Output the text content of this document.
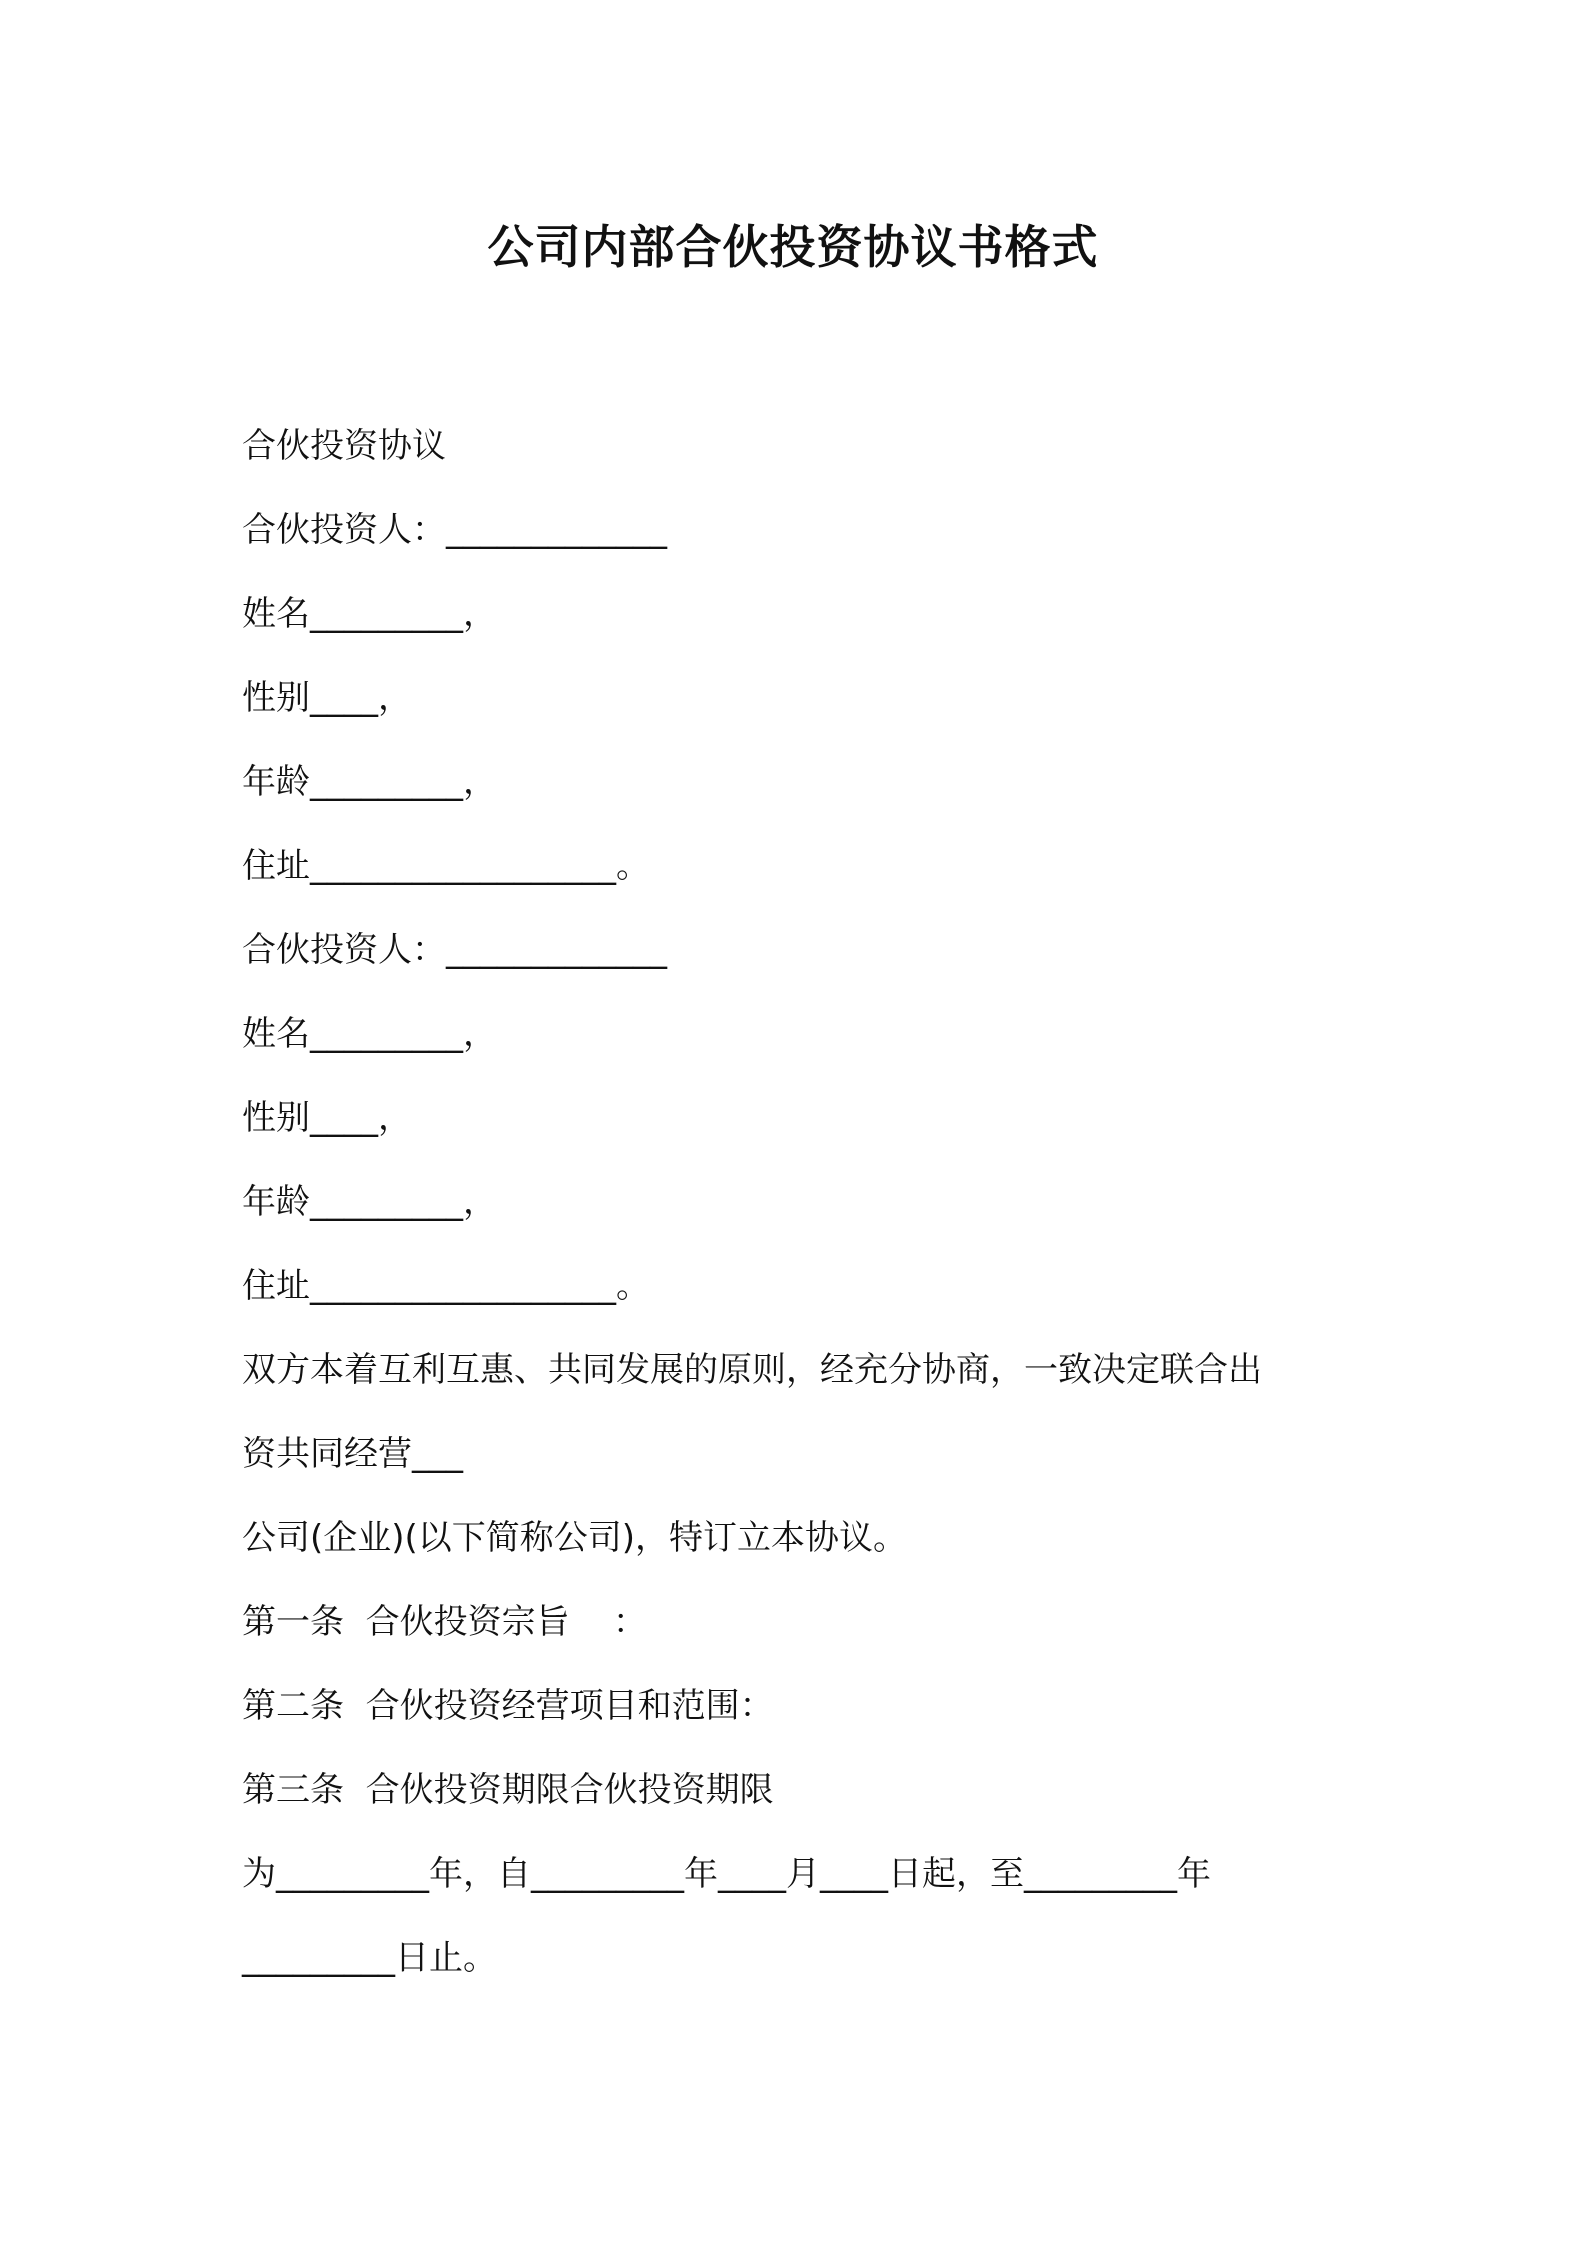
公司内部合伙投资协议书格式

合伙投资协议

合伙投资人：_____________

姓名_________，

性别____，

年龄_________，

住址__________________。

合伙投资人：_____________

姓名_________，

性别____，

年龄_________，

住址__________________。

双方本着互利互惠、共同发展的原则，经充分协商，一致决定联合出

资共同经营___

公司(企业)(以下简称公司)，特订立本协议。

第一条  合伙投资宗旨    ：

第二条  合伙投资经营项目和范围：

第三条  合伙投资期限合伙投资期限

为_________年，自_________年____月____日起，至_________年

_________日止。
